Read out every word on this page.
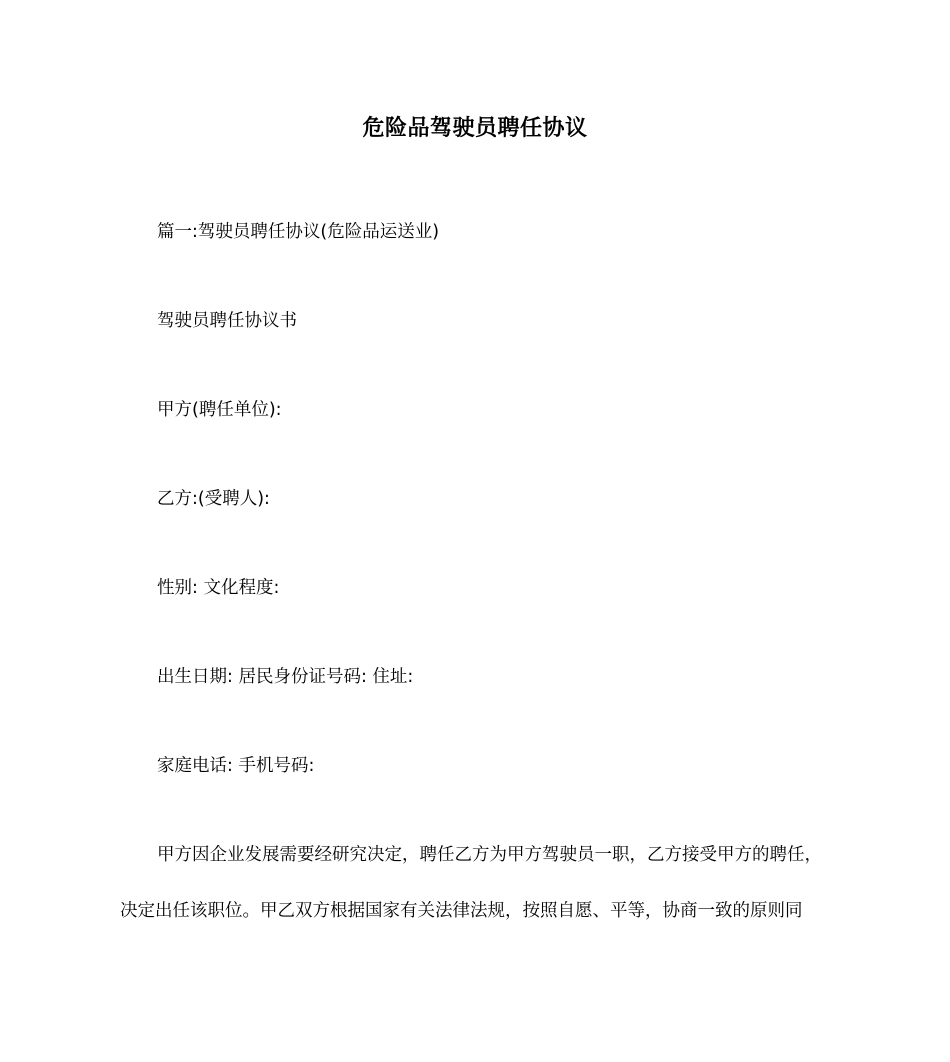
危险品驾驶员聘任协议
篇一:驾驶员聘任协议(危险品运送业)
驾驶员聘任协议书
甲方(聘任单位):
乙方:(受聘人):
性别: 文化程度:
出生日期: 居民身份证号码: 住址:
家庭电话: 手机号码:
甲方因企业发展需要经研究决定，聘任乙方为甲方驾驶员一职，乙方接受甲方的聘任，
决定出任该职位。甲乙双方根据国家有关法律法规，按照自愿、平等，协商一致的原则同
